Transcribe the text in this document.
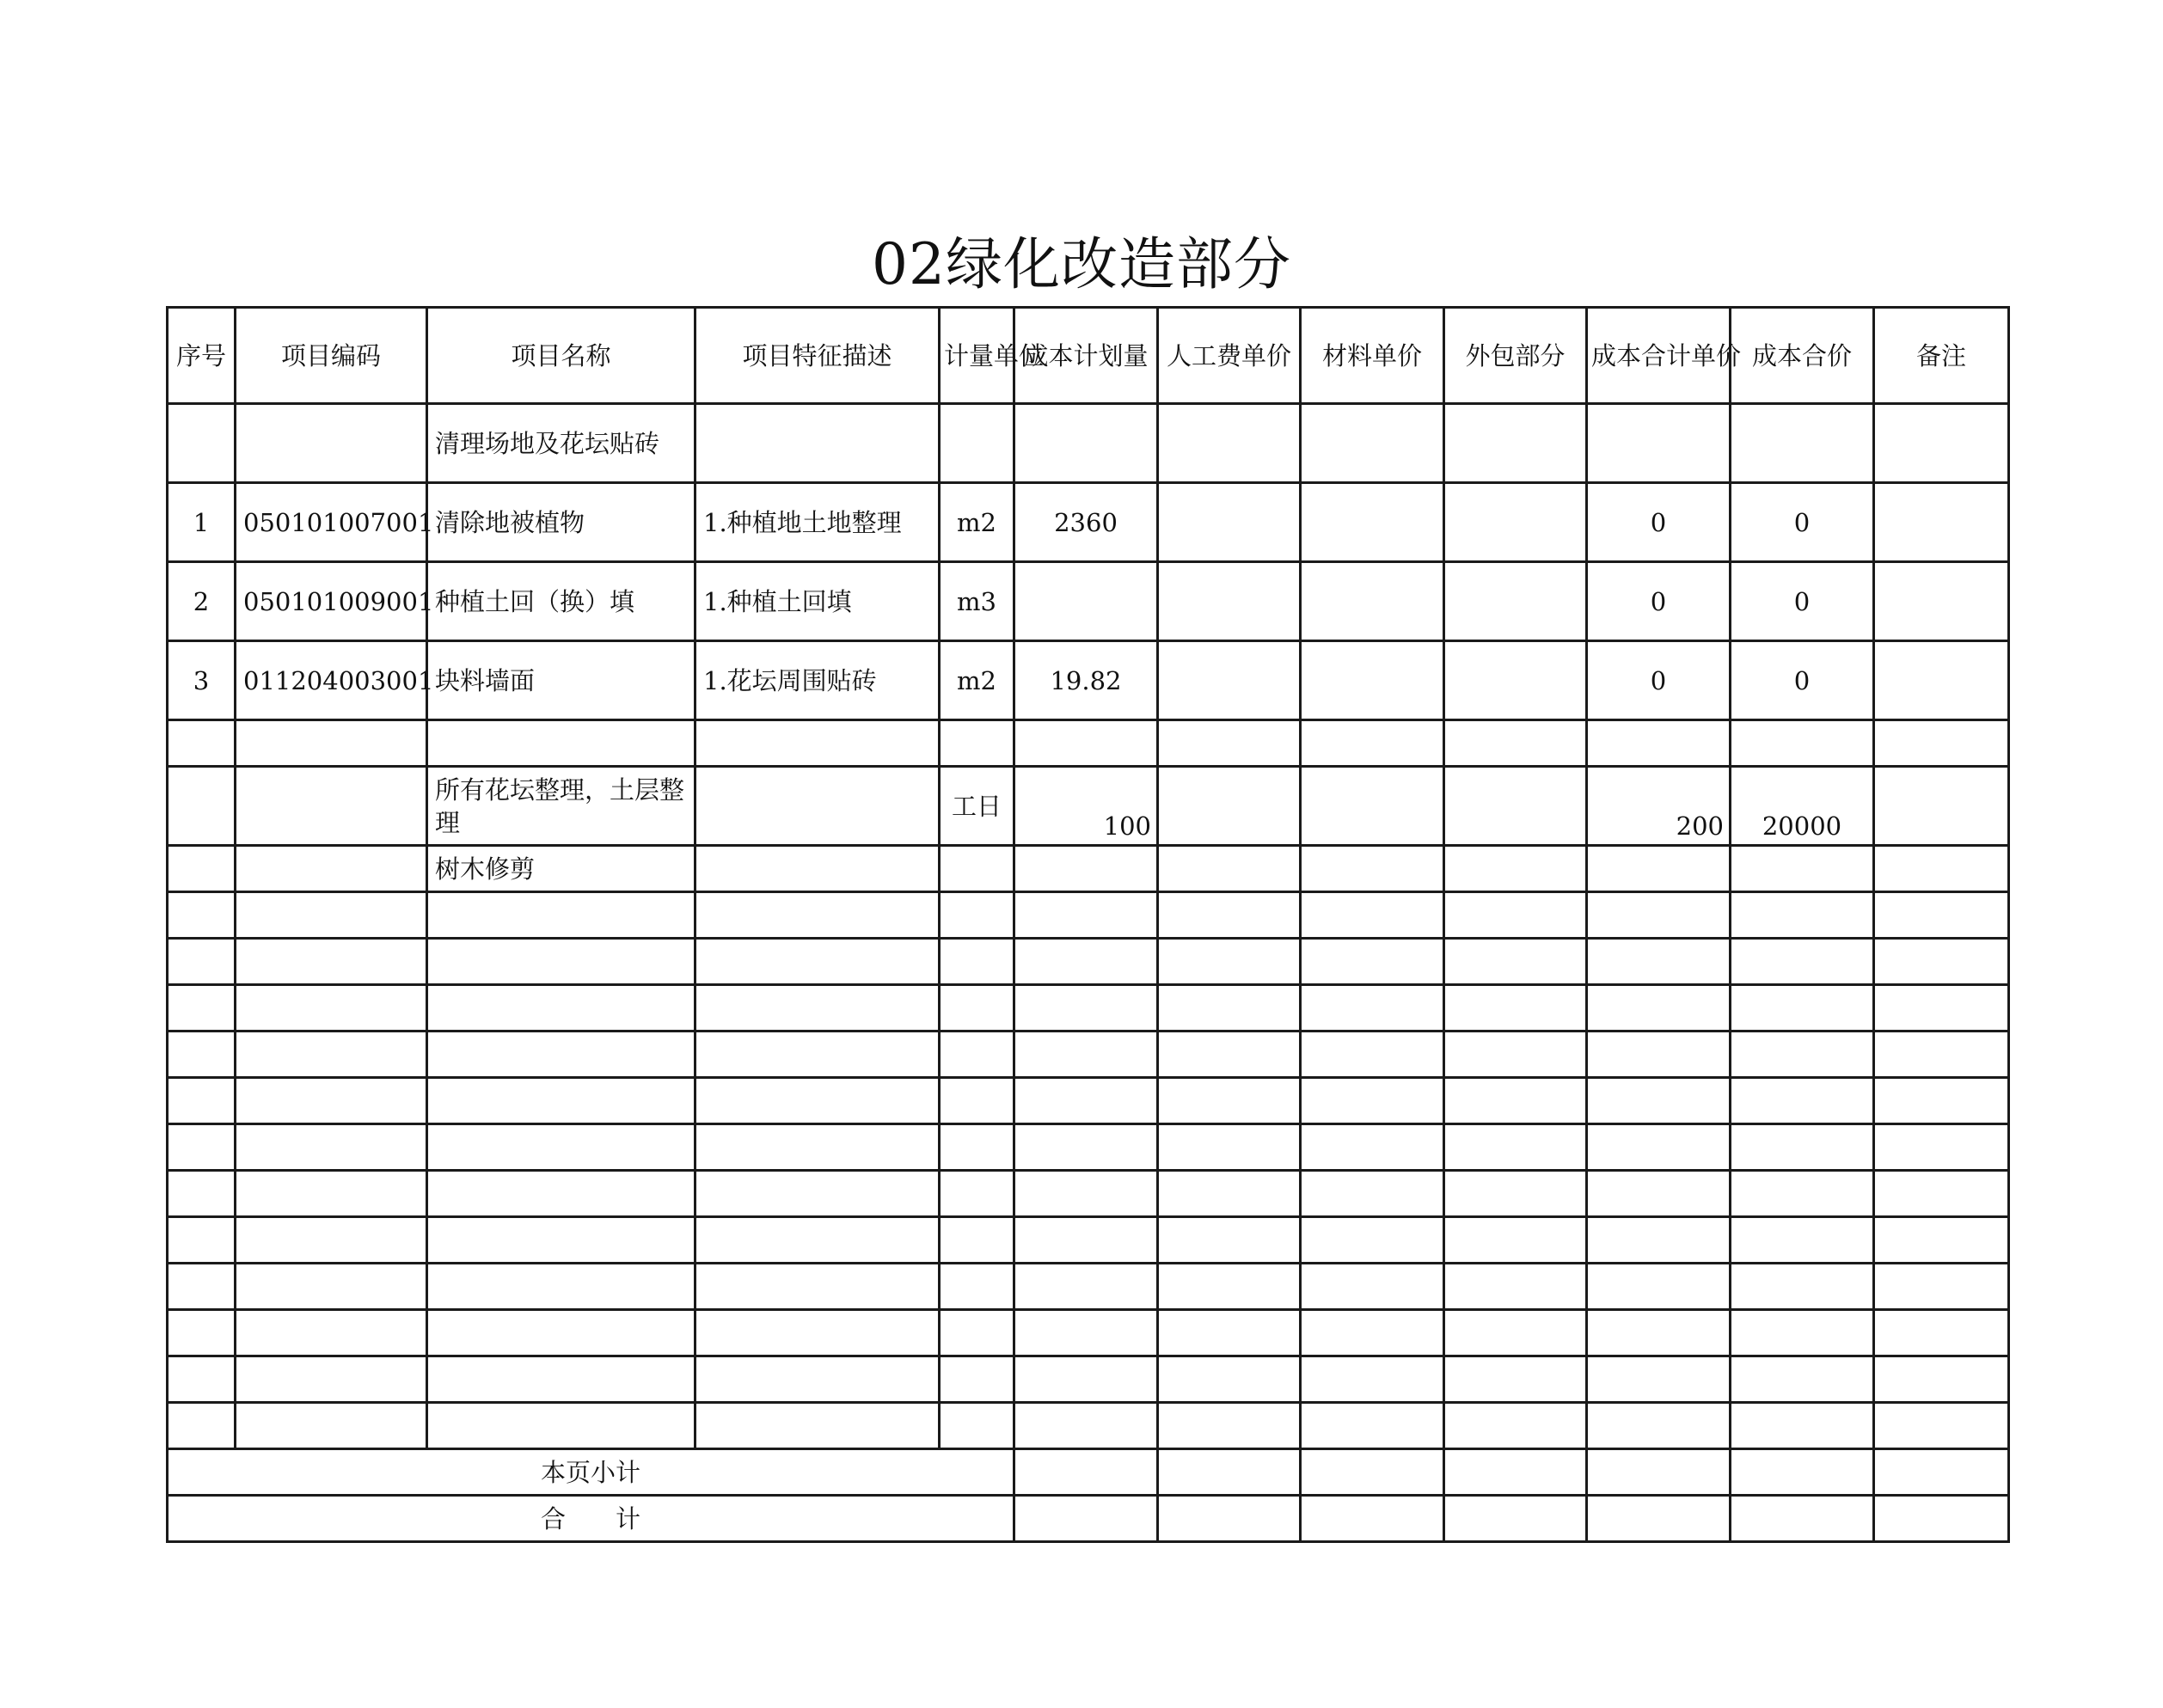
02绿化改造部分
序号	项目编码	项目名称	项目特征描述	计量单位	成本计划量	人工费单价	材料单价	外包部分	成本合计单价	成本合价	备注
		清理场地及花坛贴砖									
1	050101007001	清除地被植物	1.种植地土地整理	m2	2360				0	0	
2	050101009001	种植土回（换）填	1.种植土回填	m3					0	0	
3	011204003001	块料墙面	1.花坛周围贴砖	m2	19.82				0	0	

		所有花坛整理，土层整理		工日	100				200	20000	
		树木修剪									

本页小计											
合　　计											
